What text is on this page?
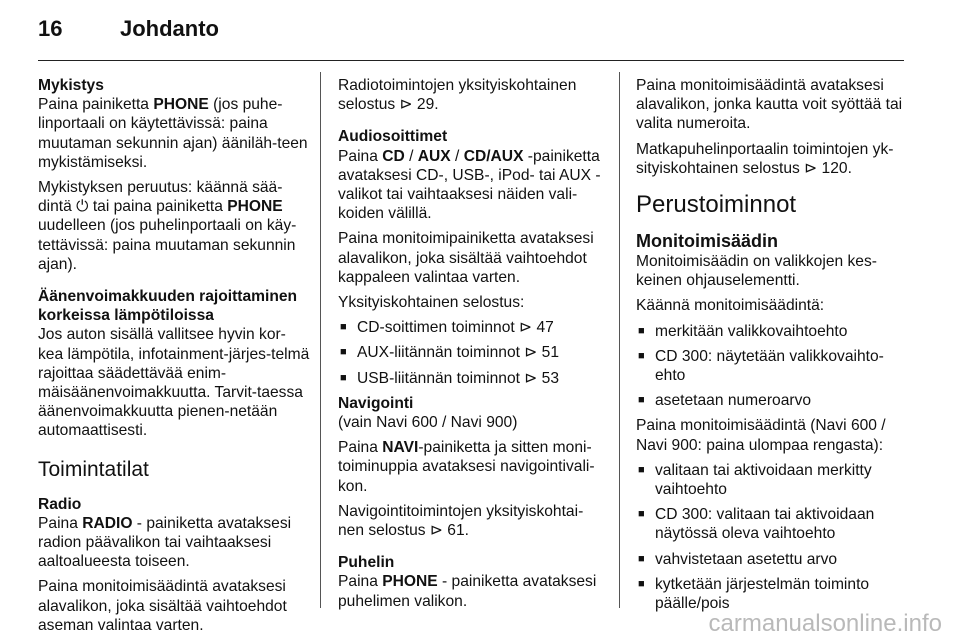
16	Johdanto
Mykistys

Paina painiketta PHONE (jos puhe-linportaali on käytettävissä: paina muutaman sekunnin ajan) ääniläh-teen mykistämiseksi.

Mykistyksen peruutus: käännä sää-dintä ⏻ tai paina painiketta PHONE uudelleen (jos puhelinportaali on käy-tettävissä: paina muutaman sekunnin ajan).

Äänenvoimakkuuden rajoittaminen korkeissa lämpötiloissa

Jos auton sisällä vallitsee hyvin kor-kea lämpötila, infotainment-järjes-telmä rajoittaa säädettävää enim-mäisäänenvoimakkuutta. Tarvit-taessa äänenvoimakkuutta pienen-netään automaattisesti.

Toimintatilat
Radio

Paina RADIO - painiketta avataksesi radion päävalikon tai vaihtaaksesi aaltoalueesta toiseen.

Paina monitoimisäädintä avataksesi alavalikon, joka sisältää vaihtoehdot aseman valintaa varten.

Radiotoimintojen yksityiskohtainen selostus ⊳ 29.

Audiosoittimet

Paina CD / AUX / CD/AUX -painiketta avataksesi CD-, USB-, iPod- tai AUX -valikot tai vaihtaaksesi näiden vali-koiden välillä.

Paina monitoimipainiketta avataksesi alavalikon, joka sisältää vaihtoehdot kappaleen valintaa varten.

Yksityiskohtainen selostus:

■ CD-soittimen toiminnot ⊳ 47
■ AUX-liitännän toiminnot ⊳ 51
■ USB-liitännän toiminnot ⊳ 53
Navigointi

(vain Navi 600 / Navi 900)

Paina NAVI-painiketta ja sitten moni-toiminuppia avataksesi navigointivali-kon.

Navigointitoimintojen yksityiskohtai-nen selostus ⊳ 61.

Puhelin

Paina PHONE - painiketta avataksesi puhelimen valikon.

Paina monitoimisäädintä avataksesi alavalikon, jonka kautta voit syöttää tai valita numeroita.

Matkapuhelinportaalin toimintojen yk-sityiskohtainen selostus ⊳ 120.

Perustoiminnot
Monitoimisäädin

Monitoimisäädin on valikkojen kes-keinen ohjauselementti.

Käännä monitoimisäädintä:

■ merkitään valikkovaihtoehto
■ CD 300: näytetään valikkovaihto-ehto
■ asetetaan numeroarvo

Paina monitoimisäädintä (Navi 600 / Navi 900: paina ulompaa rengasta):

■ valitaan tai aktivoidaan merkitty vaihtoehto
■ CD 300: valitaan tai aktivoidaan näytössä oleva vaihtoehto
■ vahvistetaan asetettu arvo
■ kytketään järjestelmän toiminto päälle/pois
carmanualsonline.info
